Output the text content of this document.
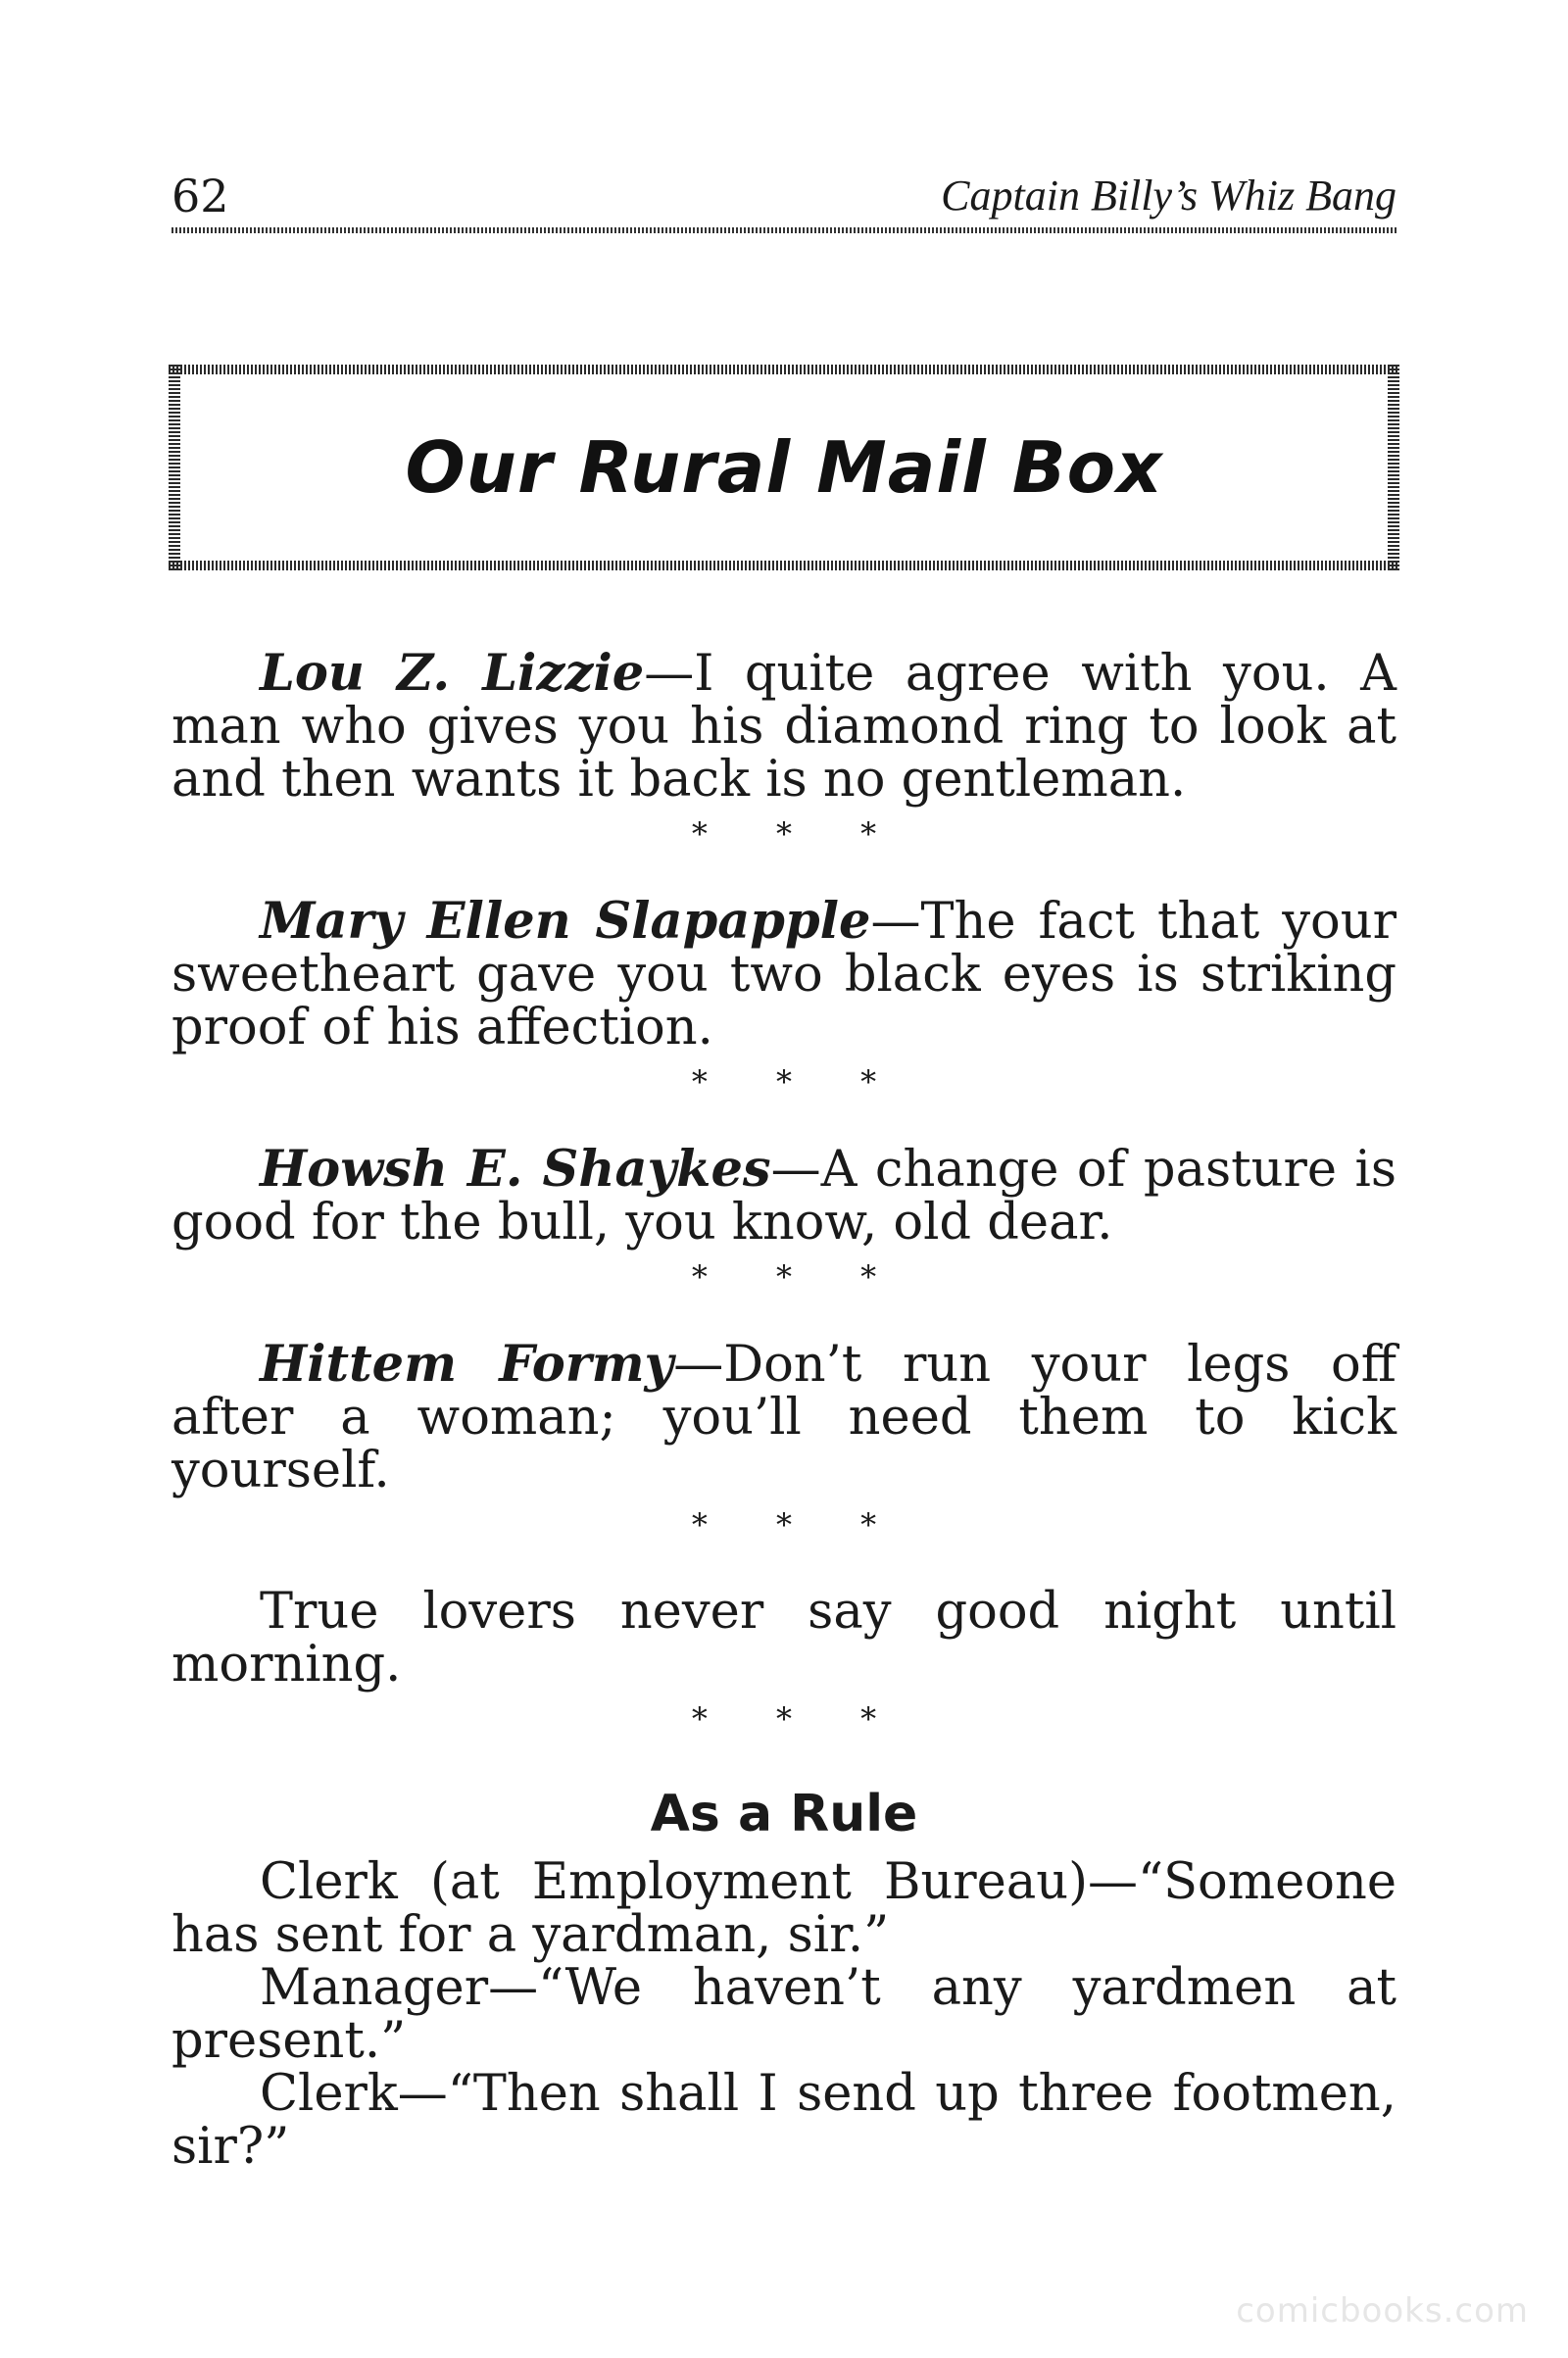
62	Captain Billy’s Whiz Bang
Our Rural Mail Box

Lou Z. Lizzie—I quite agree with you. A man who gives you his diamond ring to look at and then wants it back is no gentleman.

* * *

Mary Ellen Slapapple—The fact that your sweetheart gave you two black eyes is striking proof of his affection.

* * *

Howsh E. Shaykes—A change of pasture is good for the bull, you know, old dear.

* * *

Hittem Formy—Don’t run your legs off after a woman; you’ll need them to kick yourself.

* * *

True lovers never say good night until morning.

* * *
As a Rule

Clerk (at Employment Bureau)—“Someone has sent for a yardman, sir.”

Manager—“We haven’t any yardmen at present.”

Clerk—“Then shall I send up three footmen, sir?”

comicbooks.com
